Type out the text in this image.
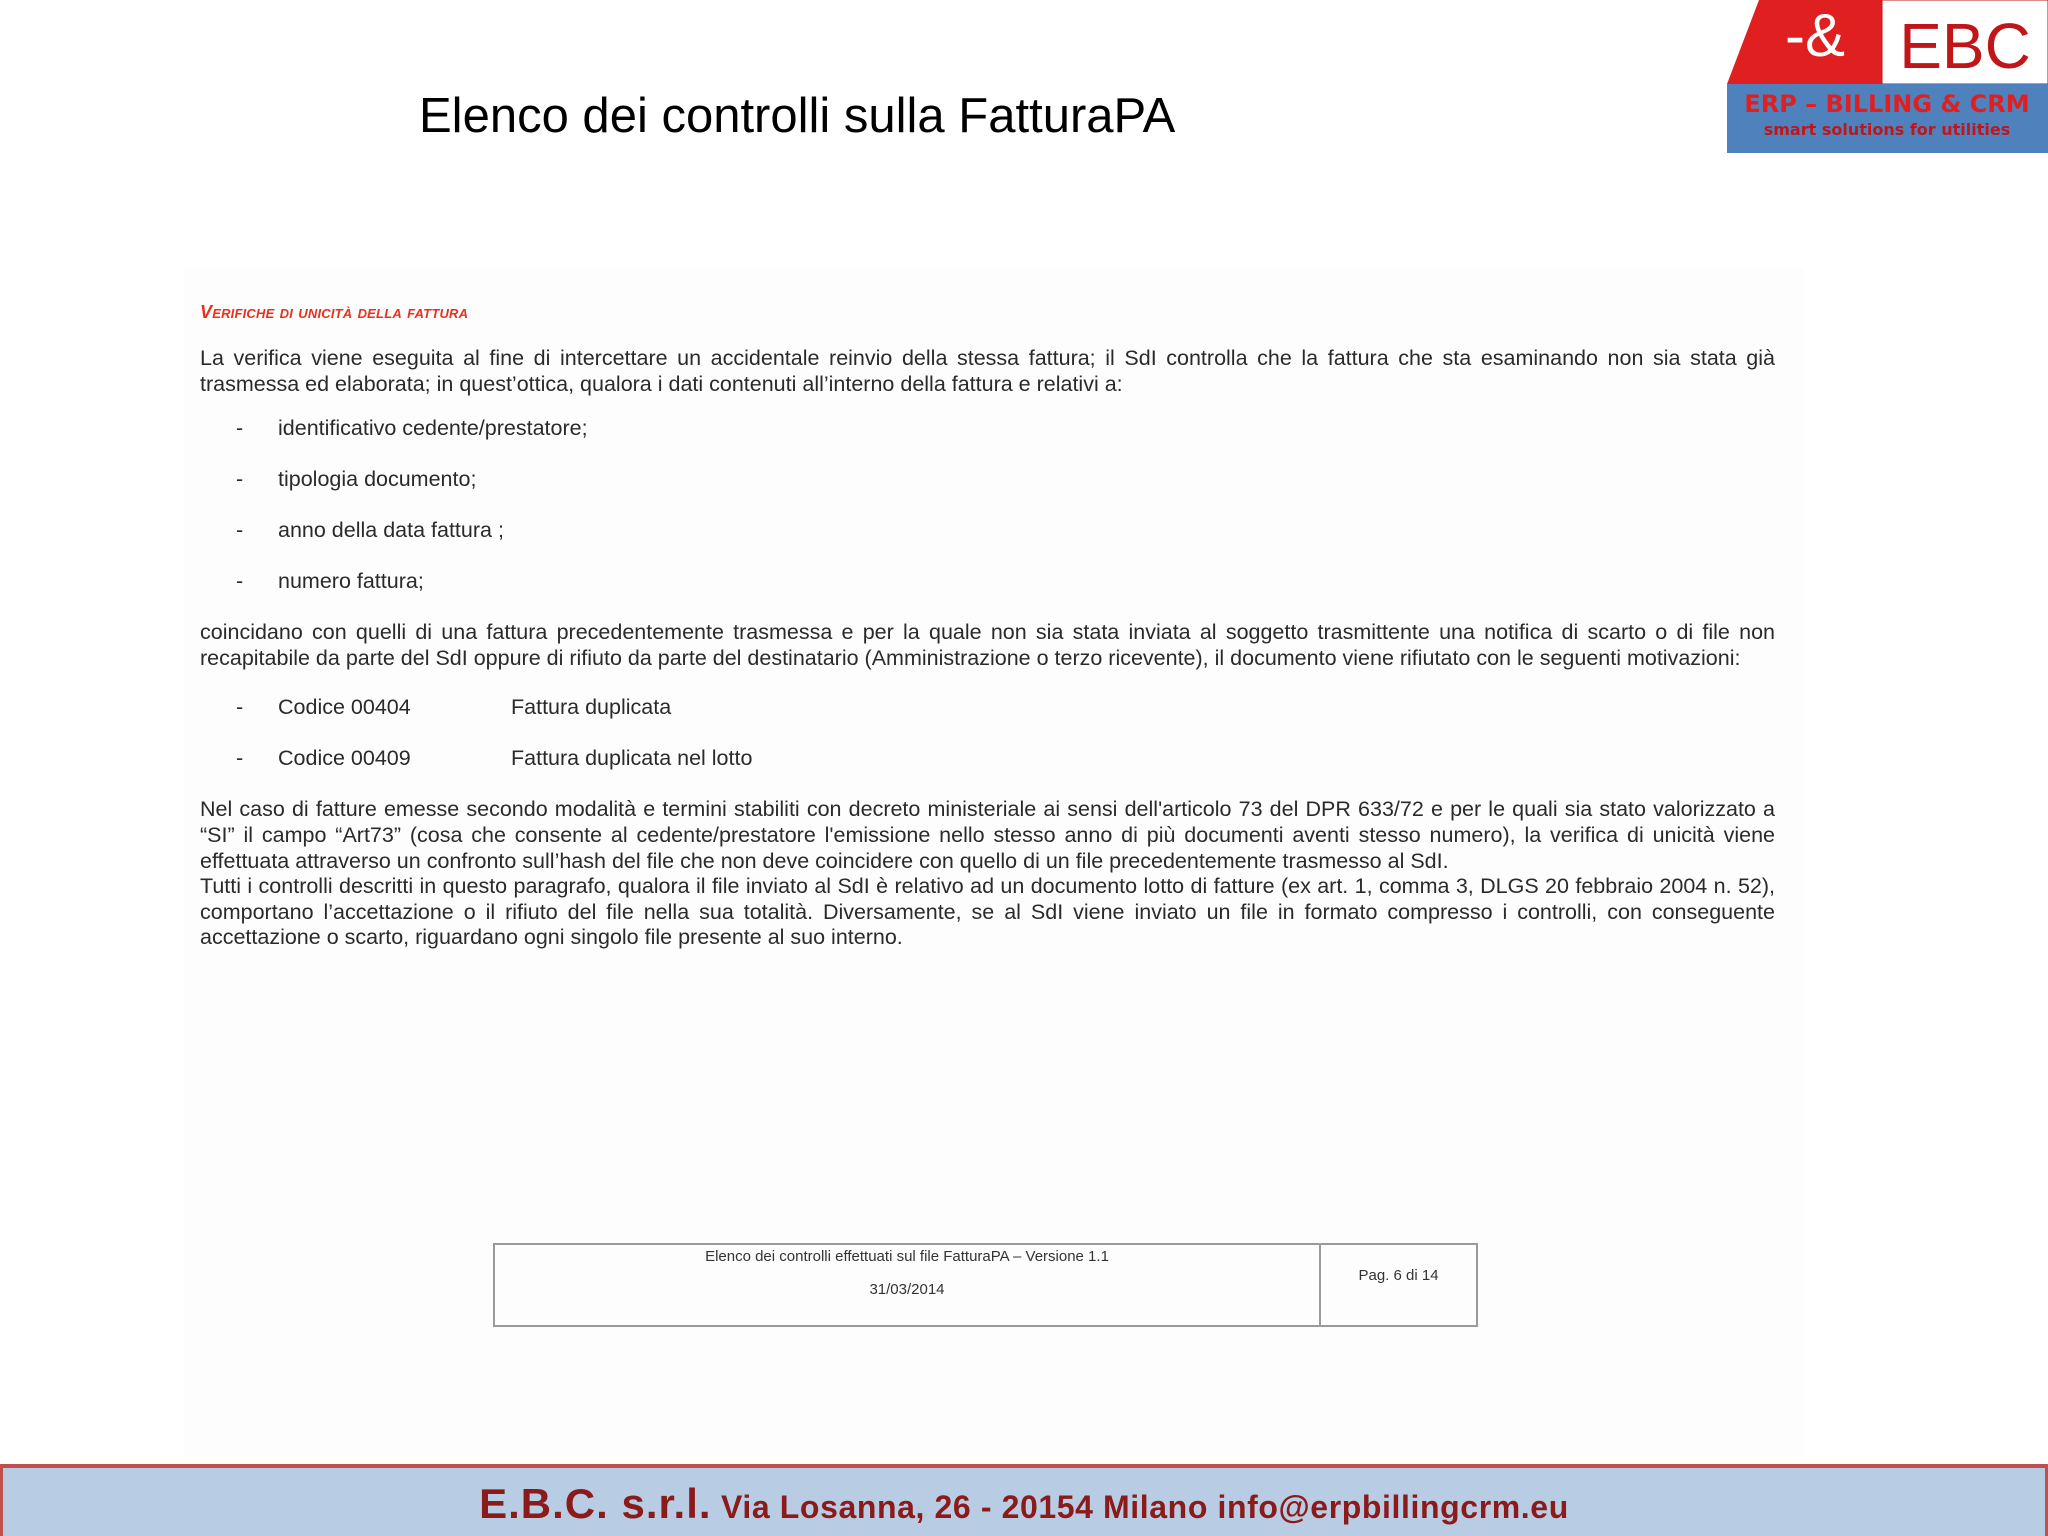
Elenco dei controlli sulla FatturaPA
-& EBC
ERP – BILLING & CRM
smart solutions for utilities
Verifiche di unicità della fattura

La verifica viene eseguita al fine di intercettare un accidentale reinvio della stessa fattura; il SdI controlla che la fattura che sta esaminando non sia stata già trasmessa ed elaborata; in quest’ottica, qualora i dati contenuti all’interno della fattura e relativi a:

- identificativo cedente/prestatore;
- tipologia documento;
- anno della data fattura ;
- numero fattura;

coincidano con quelli di una fattura precedentemente trasmessa e per la quale non sia stata inviata al soggetto trasmittente una notifica di scarto o di file non recapitabile da parte del SdI oppure di rifiuto da parte del destinatario (Amministrazione o terzo ricevente), il documento viene rifiutato con le seguenti motivazioni:

- Codice 00404	Fattura duplicata
- Codice 00409	Fattura duplicata nel lotto

Nel caso di fatture emesse secondo modalità e termini stabiliti con decreto ministeriale ai sensi dell'articolo 73 del DPR 633/72 e per le quali sia stato valorizzato a “SI” il campo “Art73” (cosa che consente al cedente/prestatore l'emissione nello stesso anno di più documenti aventi stesso numero), la verifica di unicità viene effettuata attraverso un confronto sull’hash del file che non deve coincidere con quello di un file precedentemente trasmesso al SdI.

Tutti i controlli descritti in questo paragrafo, qualora il file inviato al SdI è relativo ad un documento lotto di fatture (ex art. 1, comma 3, DLGS 20 febbraio 2004 n. 52), comportano l’accettazione o il rifiuto del file nella sua totalità. Diversamente, se al SdI viene inviato un file in formato compresso i controlli, con conseguente accettazione o scarto, riguardano ogni singolo file presente al suo interno.

Elenco dei controlli effettuati sul file FatturaPA – Versione 1.1
31/03/2014
Pag. 6 di 14
E.B.C. s.r.l. Via Losanna, 26 - 20154 Milano info@erpbillingcrm.eu
